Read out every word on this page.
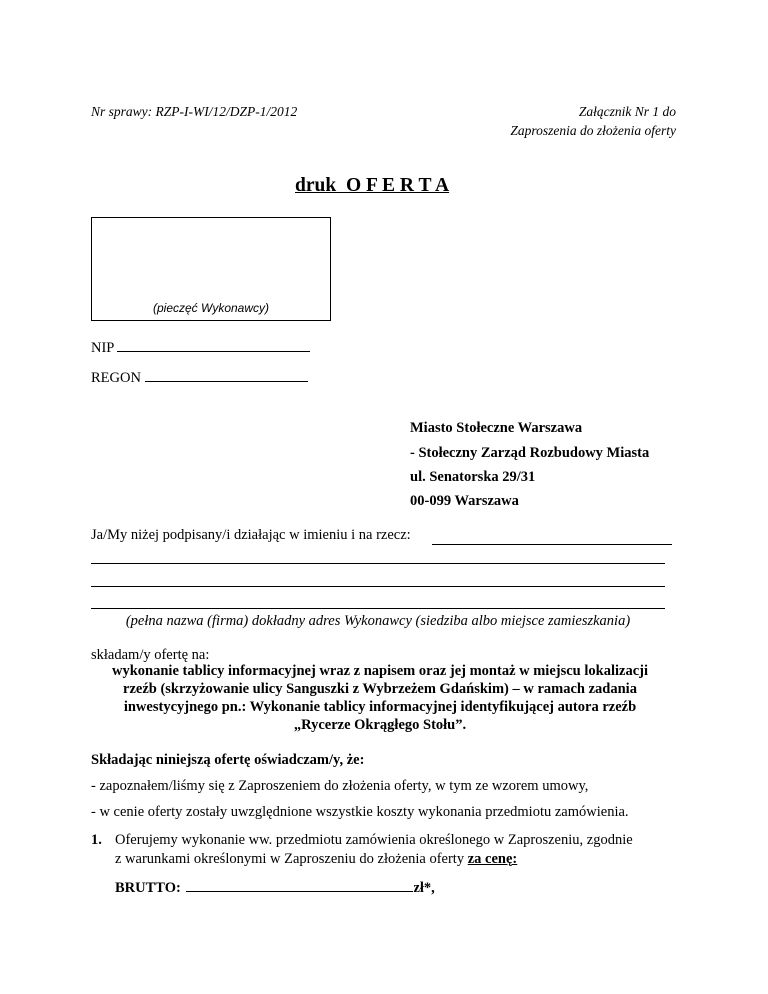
Nr sprawy: RZP-I-WI/12/DZP-1/2012	Załącznik Nr 1 do
Zaproszenia do złożenia oferty
druk  O F E R T A
(pieczęć Wykonawcy)
NIP
REGON
Miasto Stołeczne Warszawa
- Stołeczny Zarząd Rozbudowy Miasta
ul. Senatorska 29/31
00-099 Warszawa
Ja/My niżej podpisany/i działając w imieniu i na rzecz:
(pełna nazwa (firma) dokładny adres Wykonawcy (siedziba albo miejsce zamieszkania)
składam/y ofertę na:
wykonanie tablicy informacyjnej wraz z napisem oraz jej montaż w miejscu lokalizacji
rzeźb (skrzyżowanie ulicy Sanguszki z Wybrzeżem Gdańskim) – w ramach zadania
inwestycyjnego pn.: Wykonanie tablicy informacyjnej identyfikującej autora rzeźb
„Rycerze Okrągłego Stołu”.
Składając niniejszą ofertę oświadczam/y, że:
- zapoznałem/liśmy się z Zaproszeniem do złożenia oferty, w tym ze wzorem umowy,
- w cenie oferty zostały uwzględnione wszystkie koszty wykonania przedmiotu zamówienia.
1. Oferujemy wykonanie ww. przedmiotu zamówienia określonego w Zaproszeniu, zgodnie
z warunkami określonymi w Zaproszeniu do złożenia oferty za cenę:
BRUTTO:	zł*,
